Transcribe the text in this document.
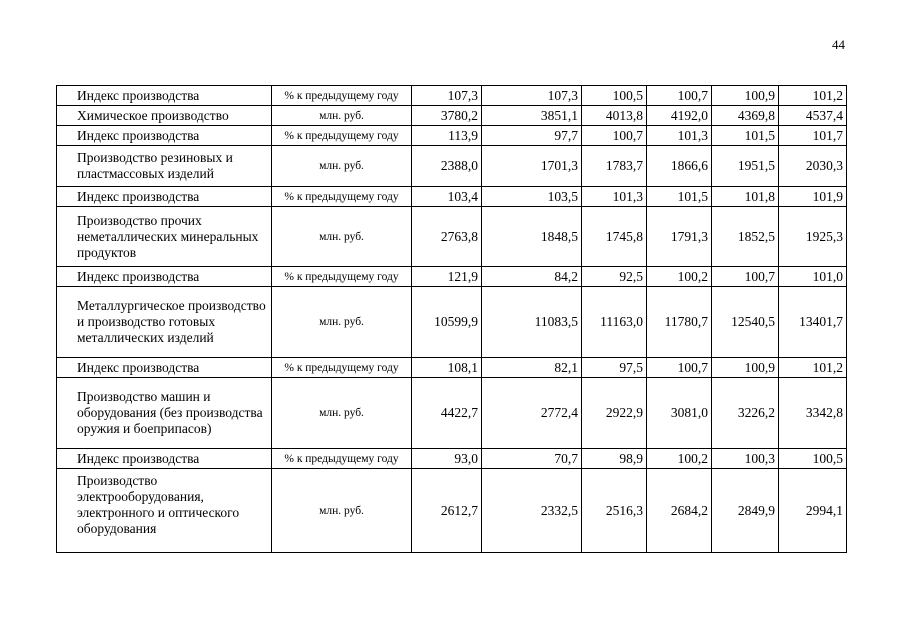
44
Индекс производства	% к предыдущему году	107,3	107,3	100,5	100,7	100,9	101,2
Химическое производство	млн. руб.	3780,2	3851,1	4013,8	4192,0	4369,8	4537,4
Индекс производства	% к предыдущему году	113,9	97,7	100,7	101,3	101,5	101,7

Производство резиновых и пластмассовых изделий	млн. руб.	2388,0	1701,3	1783,7	1866,6	1951,5	2030,3
Индекс производства	% к предыдущему году	103,4	103,5	101,3	101,5	101,8	101,9

Производство прочих неметаллических минеральных продуктов	млн. руб.	2763,8	1848,5	1745,8	1791,3	1852,5	1925,3
Индекс производства	% к предыдущему году	121,9	84,2	92,5	100,2	100,7	101,0

Металлургическое производство и производство готовых металлических изделий	млн. руб.	10599,9	11083,5	11163,0	11780,7	12540,5	13401,7
Индекс производства	% к предыдущему году	108,1	82,1	97,5	100,7	100,9	101,2

Производство машин и оборудования (без производства оружия и боеприпасов)	млн. руб.	4422,7	2772,4	2922,9	3081,0	3226,2	3342,8
Индекс производства	% к предыдущему году	93,0	70,7	98,9	100,2	100,3	100,5

Производство электрооборудования, электронного и оптического оборудования	млн. руб.	2612,7	2332,5	2516,3	2684,2	2849,9	2994,1
